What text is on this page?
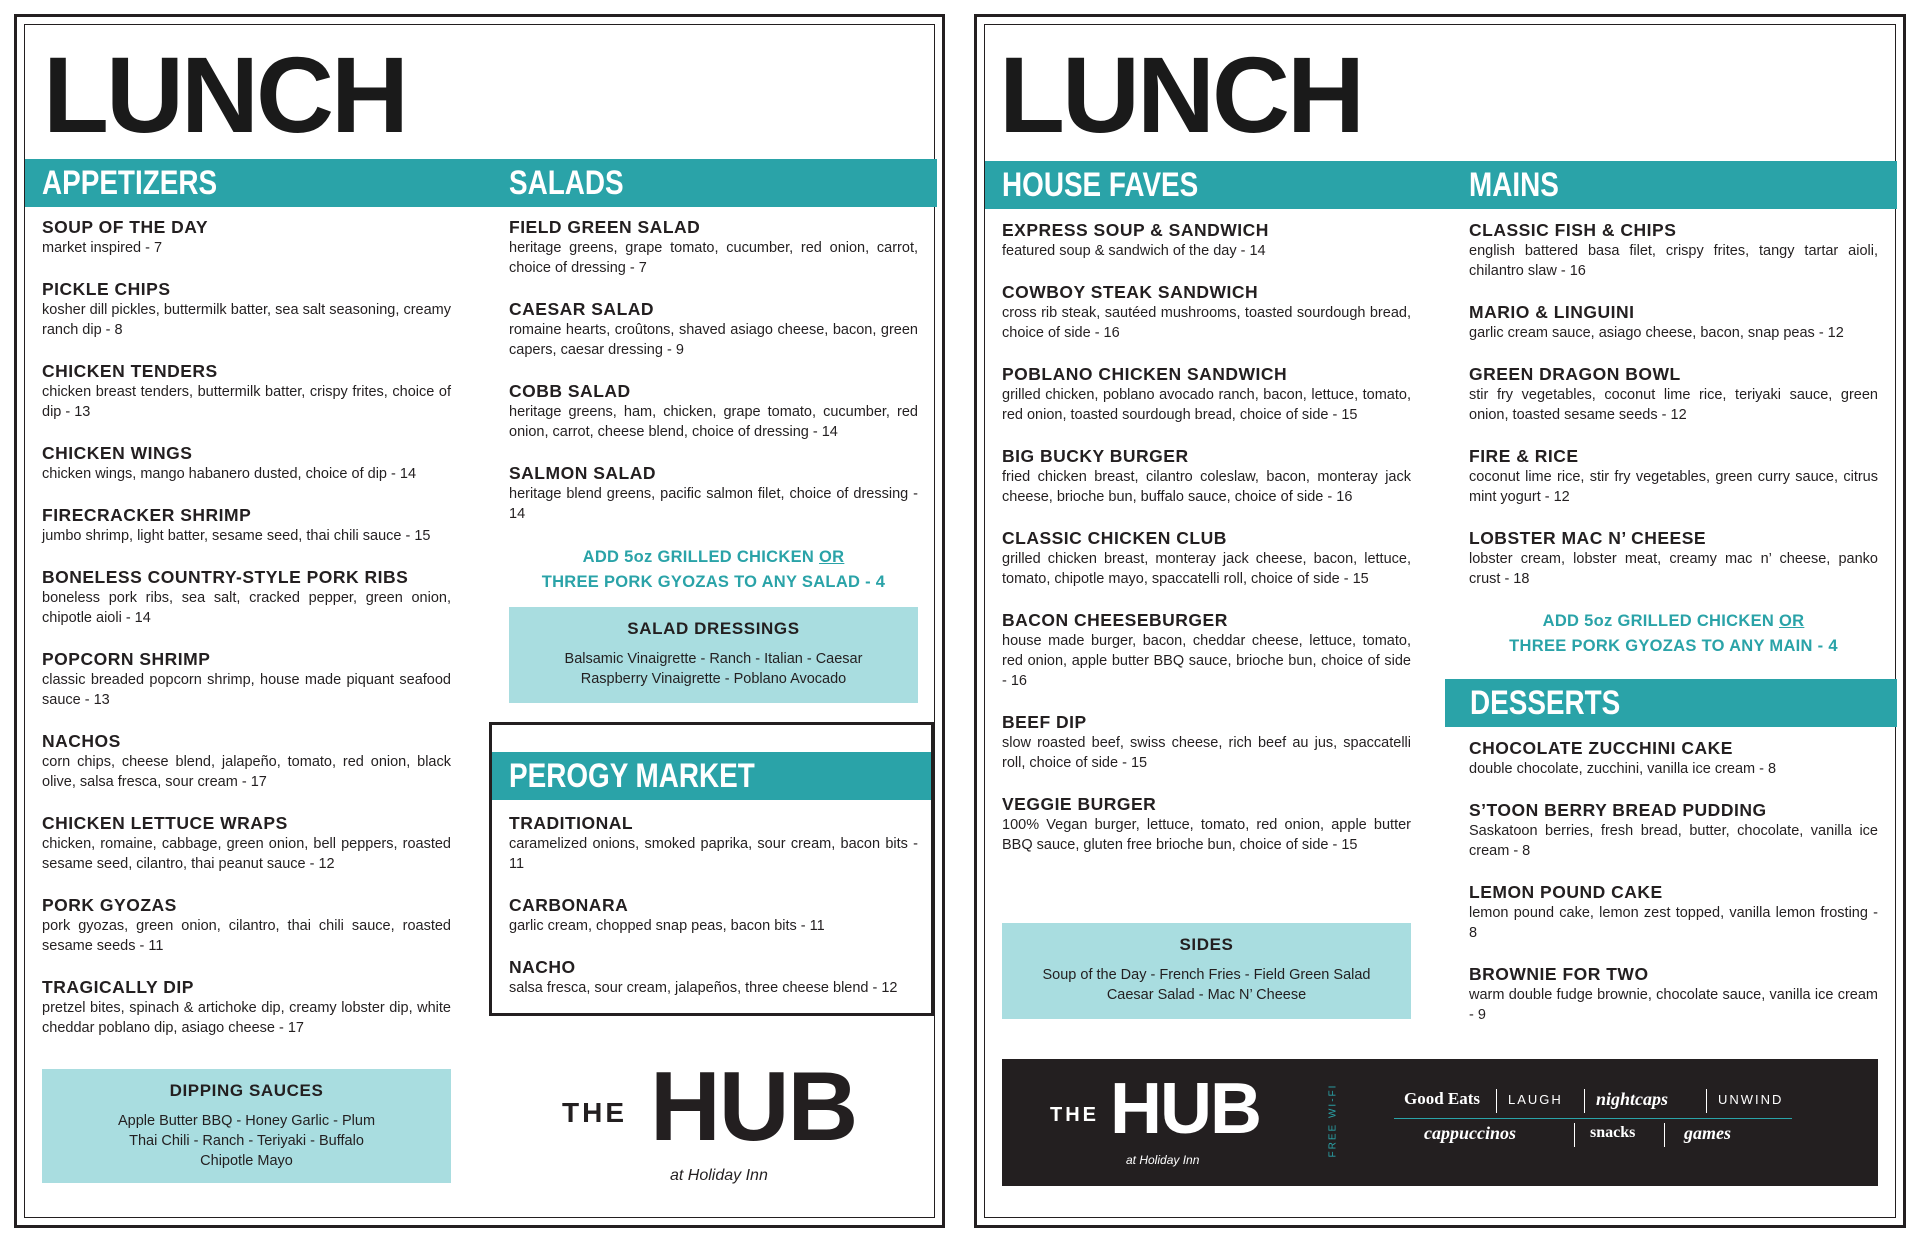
LUNCH
APPETIZERS	SALADS
SOUP OF THE DAY
market inspired - 7
PICKLE CHIPS
kosher dill pickles, buttermilk batter, sea salt seasoning, creamy ranch dip - 8
CHICKEN TENDERS
chicken breast tenders, buttermilk batter, crispy frites, choice of dip - 13
CHICKEN WINGS
chicken wings, mango habanero dusted, choice of dip - 14
FIRECRACKER SHRIMP
jumbo shrimp, light batter, sesame seed, thai chili sauce - 15
BONELESS COUNTRY-STYLE PORK RIBS
boneless pork ribs, sea salt, cracked pepper, green onion, chipotle aioli - 14
POPCORN SHRIMP
classic breaded popcorn shrimp, house made piquant seafood sauce - 13
NACHOS
corn chips, cheese blend, jalapeño, tomato, red onion, black olive, salsa fresca, sour cream - 17
CHICKEN LETTUCE WRAPS
chicken, romaine, cabbage, green onion, bell peppers, roasted sesame seed, cilantro, thai peanut sauce - 12
PORK GYOZAS
pork gyozas, green onion, cilantro, thai chili sauce, roasted sesame seeds - 11
TRAGICALLY DIP
pretzel bites, spinach & artichoke dip, creamy lobster dip, white cheddar poblano dip, asiago cheese - 17
DIPPING SAUCES
Apple Butter BBQ - Honey Garlic - Plum
Thai Chili - Ranch - Teriyaki - Buffalo
Chipotle Mayo
FIELD GREEN SALAD
heritage greens, grape tomato, cucumber, red onion, carrot, choice of dressing - 7
CAESAR SALAD
romaine hearts, croûtons, shaved asiago cheese, bacon, green capers, caesar dressing - 9
COBB SALAD
heritage greens, ham, chicken, grape tomato, cucumber, red onion, carrot, cheese blend, choice of dressing - 14
SALMON SALAD
heritage blend greens, pacific salmon filet, choice of dressing - 14
ADD 5oz GRILLED CHICKEN OR
THREE PORK GYOZAS TO ANY SALAD - 4
SALAD DRESSINGS
Balsamic Vinaigrette - Ranch - Italian - Caesar
Raspberry Vinaigrette - Poblano Avocado
PEROGY MARKET
TRADITIONAL
caramelized onions, smoked paprika, sour cream, bacon bits - 11
CARBONARA
garlic cream, chopped snap peas, bacon bits - 11
NACHO
salsa fresca, sour cream, jalapeños, three cheese blend - 12
THE HUB
at Holiday Inn
LUNCH
HOUSE FAVES	MAINS
EXPRESS SOUP & SANDWICH
featured soup & sandwich of the day - 14
COWBOY STEAK SANDWICH
cross rib steak, sautéed mushrooms, toasted sourdough bread, choice of side - 16
POBLANO CHICKEN SANDWICH
grilled chicken, poblano avocado ranch, bacon, lettuce, tomato, red onion, toasted sourdough bread, choice of side - 15
BIG BUCKY BURGER
fried chicken breast, cilantro coleslaw, bacon, monteray jack cheese, brioche bun, buffalo sauce, choice of side - 16
CLASSIC CHICKEN CLUB
grilled chicken breast, monteray jack cheese, bacon, lettuce, tomato, chipotle mayo, spaccatelli roll, choice of side - 15
BACON CHEESEBURGER
house made burger, bacon, cheddar cheese, lettuce, tomato, red onion, apple butter BBQ sauce, brioche bun, choice of side - 16
BEEF DIP
slow roasted beef, swiss cheese, rich beef au jus, spaccatelli roll, choice of side - 15
VEGGIE BURGER
100% Vegan burger, lettuce, tomato, red onion, apple butter BBQ sauce, gluten free brioche bun, choice of side - 15
SIDES
Soup of the Day - French Fries - Field Green Salad
Caesar Salad - Mac N’ Cheese
CLASSIC FISH & CHIPS
english battered basa filet, crispy frites, tangy tartar aioli, chilantro slaw - 16
MARIO & LINGUINI
garlic cream sauce, asiago cheese, bacon, snap peas - 12
GREEN DRAGON BOWL
stir fry vegetables, coconut lime rice, teriyaki sauce, green onion, toasted sesame seeds - 12
FIRE & RICE
coconut lime rice, stir fry vegetables, green curry sauce, citrus mint yogurt - 12
LOBSTER MAC N’ CHEESE
lobster cream, lobster meat, creamy mac n’ cheese, panko crust - 18
ADD 5oz GRILLED CHICKEN OR
THREE PORK GYOZAS TO ANY MAIN - 4
DESSERTS
CHOCOLATE ZUCCHINI CAKE
double chocolate, zucchini, vanilla ice cream - 8
S’TOON BERRY BREAD PUDDING
Saskatoon berries, fresh bread, butter, chocolate, vanilla ice cream - 8
LEMON POUND CAKE
lemon pound cake, lemon zest topped, vanilla lemon frosting - 8
BROWNIE FOR TWO
warm double fudge brownie, chocolate sauce, vanilla ice cream - 9
THE HUB
at Holiday Inn
FREE WI-FI	Good Eats LAUGH nightcaps	UNWIND
cappuccinos	snacks	games
